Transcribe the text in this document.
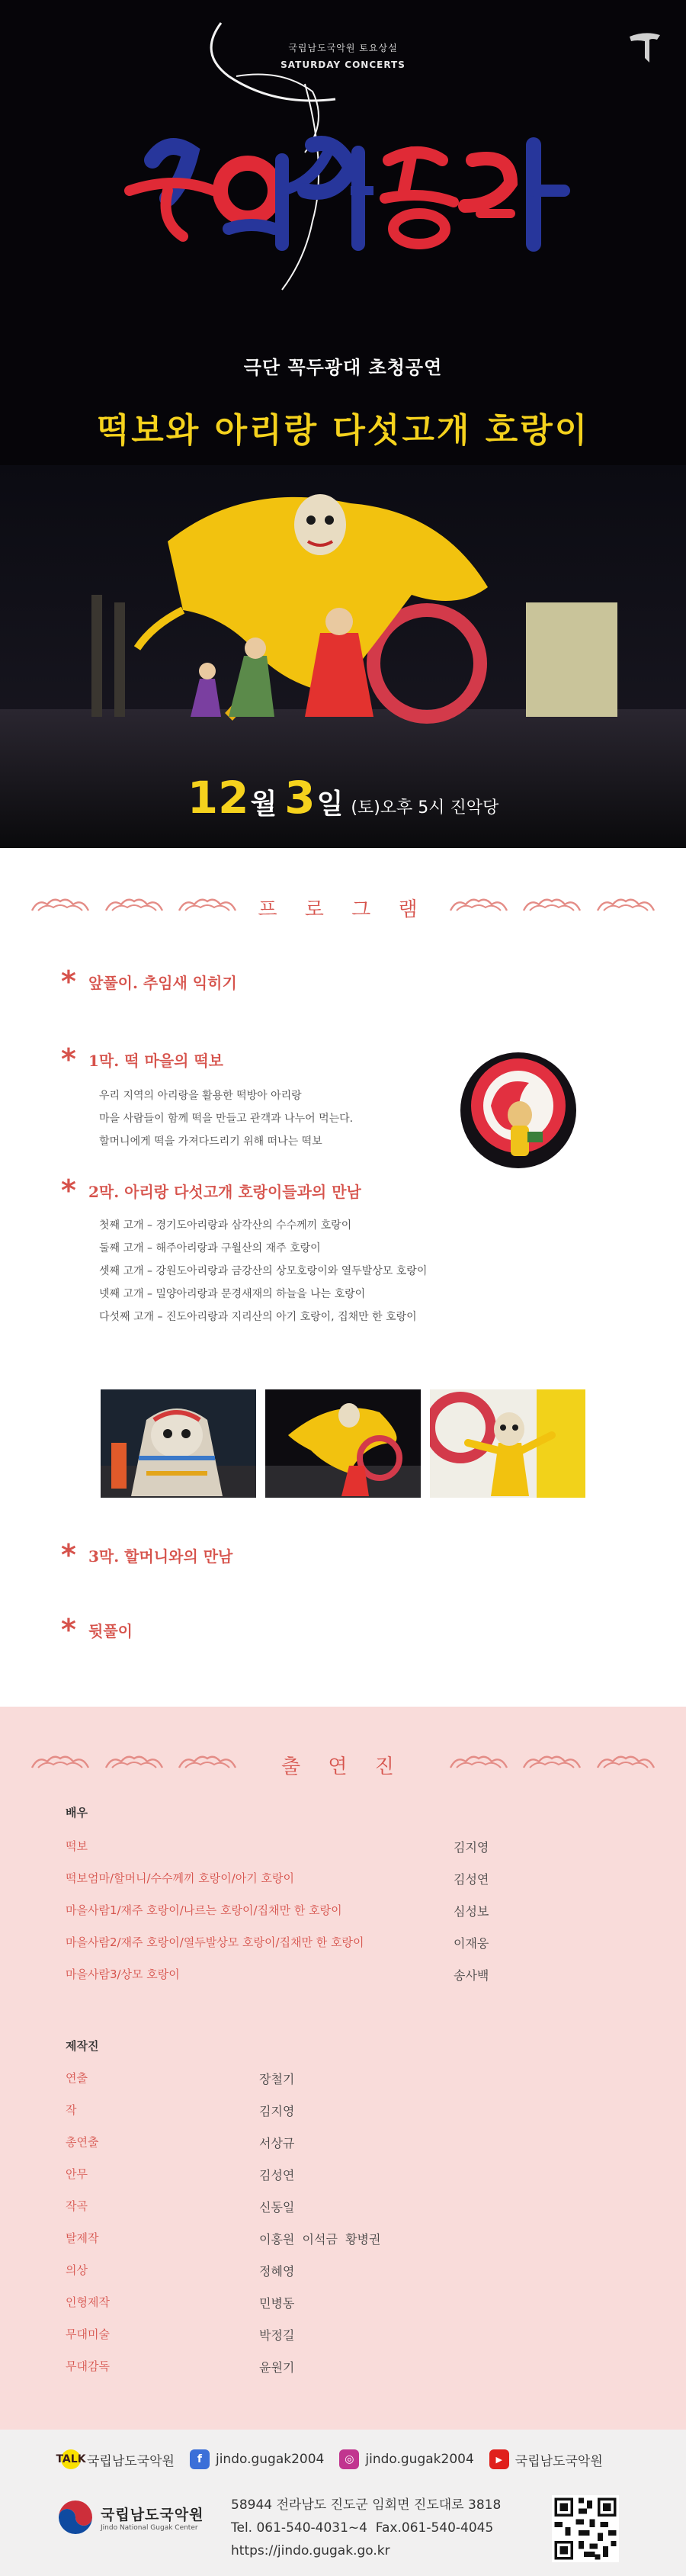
국립남도국악원 토요상설
SATURDAY CONCERTS
극단 꼭두광대 초청공연
떡보와 아리랑 다섯고개 호랑이
12월 3일 (토)오후 5시 진악당
프 로 그 램
* 앞풀이. 추임새 익히기
* 1막. 떡 마을의 떡보
우리 지역의 아리랑을 활용한 떡방아 아리랑
마을 사람들이 함께 떡을 만들고 관객과 나누어 먹는다.
할머니에게 떡을 가져다드리기 위해 떠나는 떡보
* 2막. 아리랑 다섯고개 호랑이들과의 만남
첫째 고개 – 경기도아리랑과 삼각산의 수수께끼 호랑이
둘째 고개 – 해주아리랑과 구월산의 재주 호랑이
셋째 고개 – 강원도아리랑과 금강산의 상모호랑이와 열두발상모 호랑이
넷째 고개 – 밀양아리랑과 문경새재의 하늘을 나는 호랑이
다섯째 고개 – 진도아리랑과 지리산의 아기 호랑이, 집채만 한 호랑이
* 3막. 할머니와의 만남
* 뒷풀이
출 연 진
배우
떡보	김지영
떡보엄마/할머니/수수께끼 호랑이/아기 호랑이	김성연
마을사람1/재주 호랑이/나르는 호랑이/집채만 한 호랑이	심성보
마을사람2/재주 호랑이/열두발상모 호랑이/집채만 한 호랑이	이재웅
마을사람3/상모 호랑이	송사백
제작진
연출	장철기
작	김지영
총연출	서상규
안무	김성연
작곡	신동일
탈제작	이홍원  이석금  황병권
의상	정혜영
인형제작	민병동
무대미술	박정길
무대감독	윤원기
TALK 국립남도국악원	f	jindo.gugak2004	◎ jindo.gugak2004	▶ 국립남도국악원
국립남도국악원
Jindo National Gugak Center
58944 전라남도 진도군 임회면 진도대로 3818
Tel. 061-540-4031~4  Fax.061-540-4045
https://jindo.gugak.go.kr
